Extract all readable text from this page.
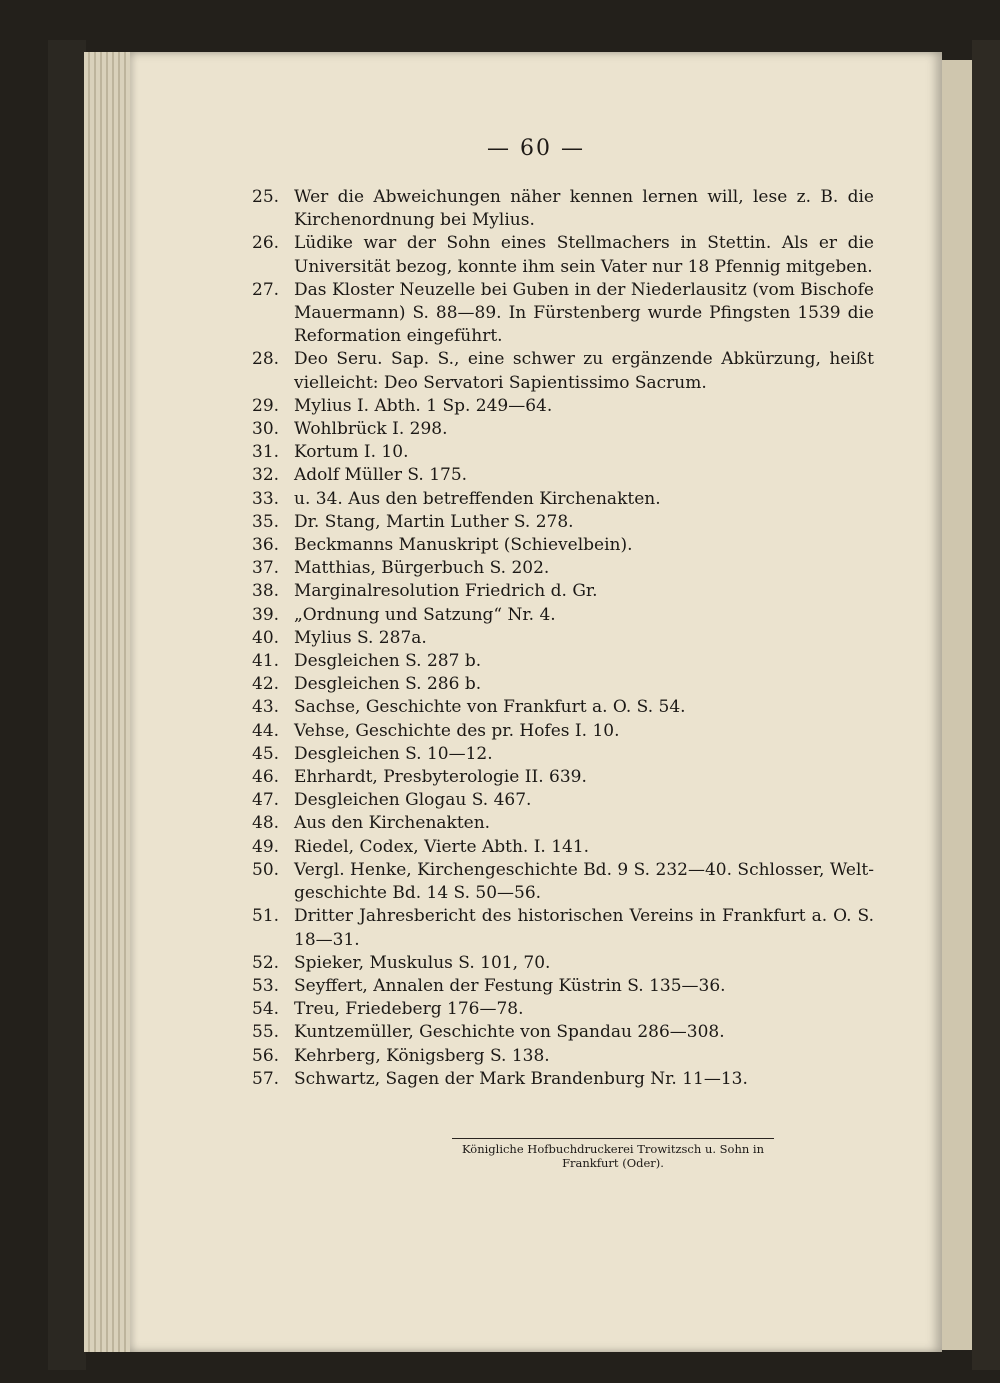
— 60 —
25. Wer die Abweichungen näher kennen lernen will, lese z. B. die Kirchenordnung bei Mylius.
26. Lüdike war der Sohn eines Stellmachers in Stettin. Als er die Universität bezog, konnte ihm sein Vater nur 18 Pfennig mitgeben.
27. Das Kloster Neuzelle bei Guben in der Niederlausitz (vom Bischofe Mauermann) S. 88—89. In Fürstenberg wurde Pfingsten 1539 die Reformation eingeführt.
28. Deo Seru. Sap. S., eine schwer zu ergänzende Abkürzung, heißt vielleicht: Deo Servatori Sapientissimo Sacrum.
29. Mylius I. Abth. 1 Sp. 249—64.
30. Wohlbrück I. 298.
31. Kortum I. 10.
32. Adolf Müller S. 175.
33. u. 34. Aus den betreffenden Kirchenakten.
35. Dr. Stang, Martin Luther S. 278.
36. Beckmanns Manuskript (Schievelbein).
37. Matthias, Bürgerbuch S. 202.
38. Marginalresolution Friedrich d. Gr.
39. „Ordnung und Satzung“ Nr. 4.
40. Mylius S. 287a.
41. Desgleichen S. 287 b.
42. Desgleichen S. 286 b.
43. Sachse, Geschichte von Frankfurt a. O. S. 54.
44. Vehse, Geschichte des pr. Hofes I. 10.
45. Desgleichen S. 10—12.
46. Ehrhardt, Presbyterologie II. 639.
47. Desgleichen Glogau S. 467.
48. Aus den Kirchenakten.
49. Riedel, Codex, Vierte Abth. I. 141.
50. Vergl. Henke, Kirchengeschichte Bd. 9 S. 232—40. Schlosser, Weltgeschichte Bd. 14 S. 50—56.
51. Dritter Jahresbericht des historischen Vereins in Frankfurt a. O. S. 18—31.
52. Spieker, Muskulus S. 101, 70.
53. Seyffert, Annalen der Festung Küstrin S. 135—36.
54. Treu, Friedeberg 176—78.
55. Kuntzemüller, Geschichte von Spandau 286—308.
56. Kehrberg, Königsberg S. 138.
57. Schwartz, Sagen der Mark Brandenburg Nr. 11—13.
Königliche Hofbuchdruckerei Trowitzsch u. Sohn in Frankfurt (Oder).
